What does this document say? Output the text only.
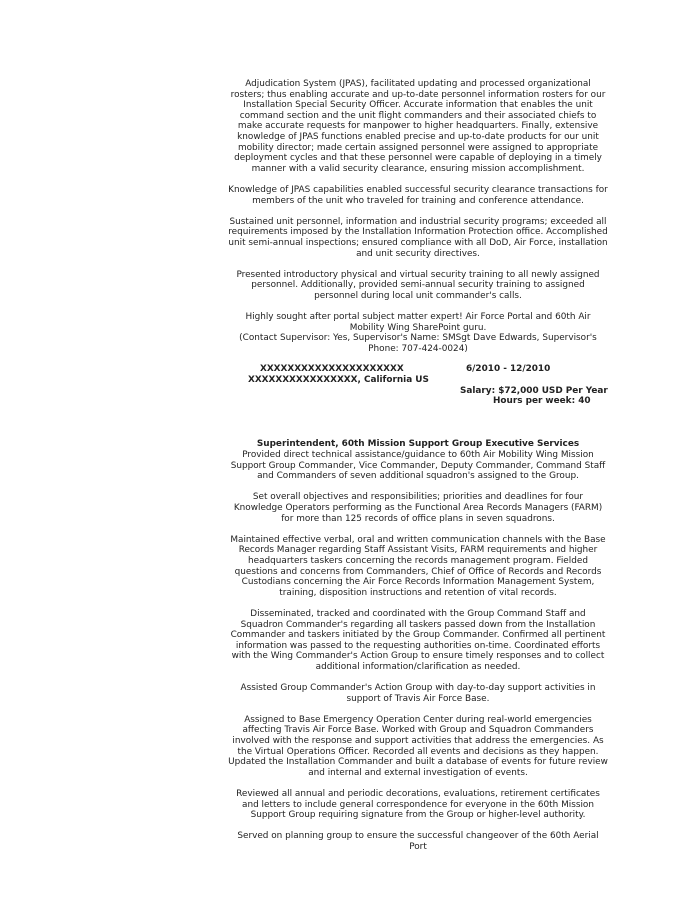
Adjudication System (JPAS), facilitated updating and processed organizational rosters; thus enabling accurate and up-to-date personnel information rosters for our Installation Special Security Officer. Accurate information that enables the unit command section and the unit flight commanders and their associated chiefs to make accurate requests for manpower to higher headquarters. Finally, extensive knowledge of JPAS functions enabled precise and up-to-date products for our unit mobility director; made certain assigned personnel were assigned to appropriate deployment cycles and that these personnel were capable of deploying in a timely manner with a valid security clearance, ensuring mission accomplishment.

Knowledge of JPAS capabilities enabled successful security clearance transactions for members of the unit who traveled for training and conference attendance.

Sustained unit personnel, information and industrial security programs; exceeded all requirements imposed by the Installation Information Protection office. Accomplished unit semi-annual inspections; ensured compliance with all DoD, Air Force, installation and unit security directives.

Presented introductory physical and virtual security training to all newly assigned personnel. Additionally, provided semi-annual security training to assigned personnel during local unit commander's calls.

Highly sought after portal subject matter expert! Air Force Portal and 60th Air Mobility Wing SharePoint guru.

(Contact Supervisor: Yes, Supervisor's Name: SMSgt Dave Edwards, Supervisor's Phone: 707-424-0024)

XXXXXXXXXXXXXXXXXXXXX
XXXXXXXXXXXXXXXX, California US
6/2010 - 12/2010
Salary: $72,000 USD Per Year
Hours per week: 40

Superintendent, 60th Mission Support Group Executive Services

Provided direct technical assistance/guidance to 60th Air Mobility Wing Mission Support Group Commander, Vice Commander, Deputy Commander, Command Staff and Commanders of seven additional squadron's assigned to the Group.

Set overall objectives and responsibilities; priorities and deadlines for four Knowledge Operators performing as the Functional Area Records Managers (FARM) for more than 125 records of office plans in seven squadrons.

Maintained effective verbal, oral and written communication channels with the Base Records Manager regarding Staff Assistant Visits, FARM requirements and higher headquarters taskers concerning the records management program. Fielded questions and concerns from Commanders, Chief of Office of Records and Records Custodians concerning the Air Force Records Information Management System, training, disposition instructions and retention of vital records.

Disseminated, tracked and coordinated with the Group Command Staff and Squadron Commander's regarding all taskers passed down from the Installation Commander and taskers initiated by the Group Commander. Confirmed all pertinent information was passed to the requesting authorities on-time. Coordinated efforts with the Wing Commander's Action Group to ensure timely responses and to collect additional information/clarification as needed.

Assisted Group Commander's Action Group with day-to-day support activities in support of Travis Air Force Base.

Assigned to Base Emergency Operation Center during real-world emergencies affecting Travis Air Force Base. Worked with Group and Squadron Commanders involved with the response and support activities that address the emergencies. As the Virtual Operations Officer. Recorded all events and decisions as they happen. Updated the Installation Commander and built a database of events for future review and internal and external investigation of events.

Reviewed all annual and periodic decorations, evaluations, retirement certificates and letters to include general correspondence for everyone in the 60th Mission Support Group requiring signature from the Group or higher-level authority.

Served on planning group to ensure the successful changeover of the 60th Aerial Port
